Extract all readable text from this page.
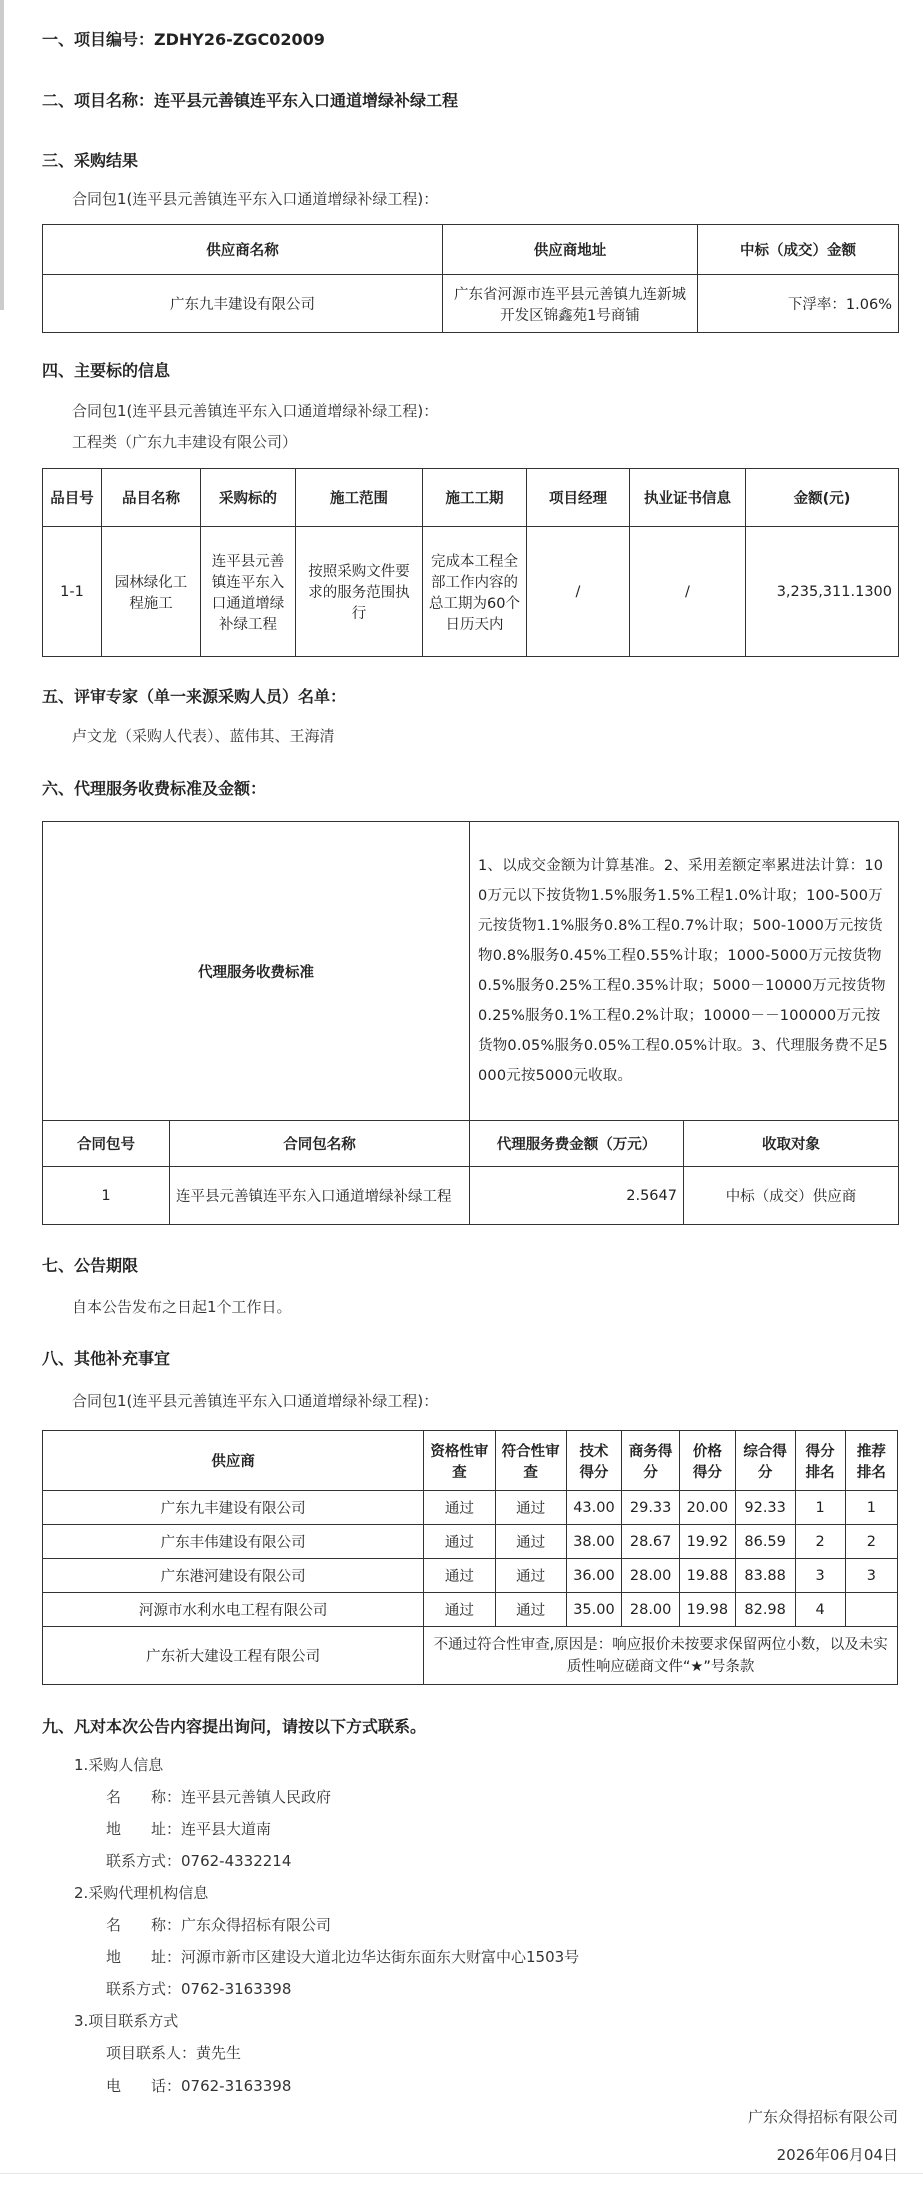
一、项目编号：ZDHY26-ZGC02009
二、项目名称：连平县元善镇连平东入口通道增绿补绿工程
三、采购结果
合同包1(连平县元善镇连平东入口通道增绿补绿工程)：
供应商名称	供应商地址	中标（成交）金额
广东九丰建设有限公司	广东省河源市连平县元善镇九连新城开发区锦鑫苑1号商铺	下浮率：1.06%
四、主要标的信息
合同包1(连平县元善镇连平东入口通道增绿补绿工程)：
工程类（广东九丰建设有限公司）
品目号	品目名称	采购标的	施工范围	施工工期	项目经理	执业证书信息	金额(元)
1-1	园林绿化工程施工	连平县元善镇连平东入口通道增绿补绿工程	按照采购文件要求的服务范围执行	完成本工程全部工作内容的总工期为60个日历天内	/	/	3,235,311.1300
五、评审专家（单一来源采购人员）名单：
卢文龙（采购人代表）、蓝伟其、王海清
六、代理服务收费标准及金额：
代理服务收费标准		1、以成交金额为计算基准。2、采用差额定率累进法计算：100万元以下按货物1.5%服务1.5%工程1.0%计取；100-500万元按货物1.1%服务0.8%工程0.7%计取；500-1000万元按货物0.8%服务0.45%工程0.55%计取；1000-5000万元按货物0.5%服务0.25%工程0.35%计取；5000－10000万元按货物0.25%服务0.1%工程0.2%计取；10000－－100000万元按货物0.05%服务0.05%工程0.05%计取。3、代理服务费不足5000元按5000元收取。	
合同包号	合同包名称	代理服务费金额（万元）	收取对象
1	连平县元善镇连平东入口通道增绿补绿工程	2.5647	中标（成交）供应商
七、公告期限
自本公告发布之日起1个工作日。
八、其他补充事宜
合同包1(连平县元善镇连平东入口通道增绿补绿工程)：
供应商	资格性审查	符合性审查	技术得分	商务得分	价格得分	综合得分	得分排名	推荐排名
广东九丰建设有限公司	通过	通过	43.00	29.33	20.00	92.33	1	1
广东丰伟建设有限公司	通过	通过	38.00	28.67	19.92	86.59	2	2
广东港河建设有限公司	通过	通过	36.00	28.00	19.88	83.88	3	3
河源市水利水电工程有限公司	通过	通过	35.00	28.00	19.98	82.98	4	
广东祈大建设工程有限公司	不通过符合性审查,原因是：响应报价未按要求保留两位小数，以及未实质性响应磋商文件“★”号条款							
九、凡对本次公告内容提出询问，请按以下方式联系。
1.采购人信息
名　　称：连平县元善镇人民政府
地　　址：连平县大道南
联系方式：0762-4332214
2.采购代理机构信息
名　　称：广东众得招标有限公司
地　　址：河源市新市区建设大道北边华达街东面东大财富中心1503号
联系方式：0762-3163398
3.项目联系方式
项目联系人：黄先生
电　　话：0762-3163398
广东众得招标有限公司
2026年06月04日
